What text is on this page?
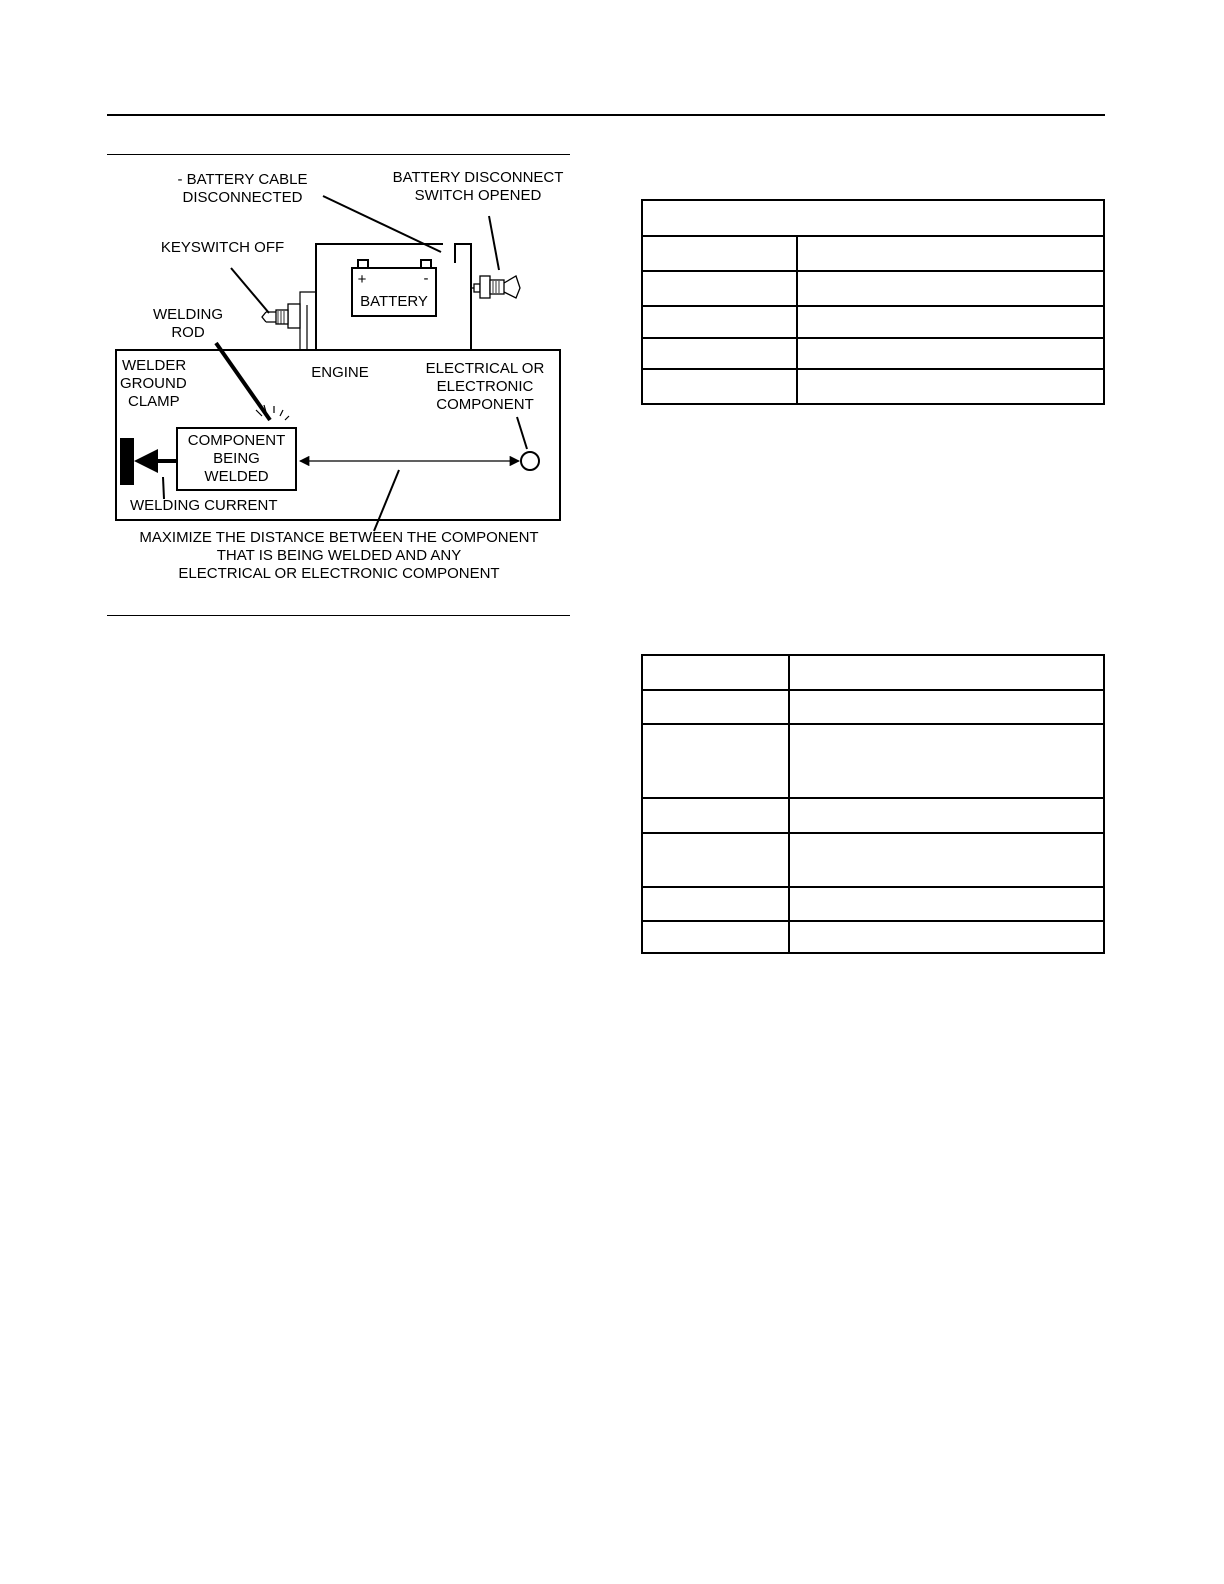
- BATTERY CABLE
DISCONNECTED
BATTERY DISCONNECT
SWITCH OPENED
KEYSWITCH OFF
WELDING
ROD
+	-
BATTERY
WELDER
GROUND
CLAMP
ENGINE	ELECTRICAL OR
ELECTRONIC
COMPONENT
COMPONENT
BEING
WELDED
WELDING CURRENT
MAXIMIZE THE DISTANCE BETWEEN THE COMPONENT
THAT IS BEING WELDED AND ANY
ELECTRICAL OR ELECTRONIC COMPONENT
